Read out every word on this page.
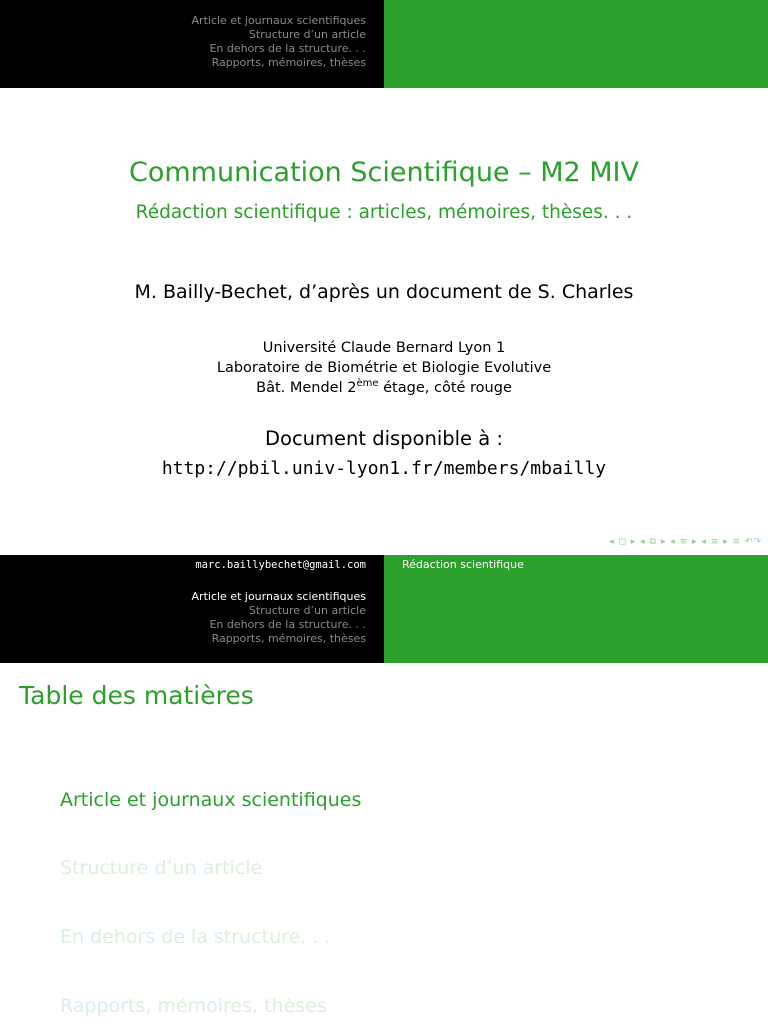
Article et journaux scientifiques
Structure d’un article
En dehors de la structure. . .
Rapports, mémoires, thèses
Communication Scientifique – M2 MIV
Rédaction scientifique : articles, mémoires, thèses. . .
M. Bailly-Bechet, d’après un document de S. Charles
Université Claude Bernard Lyon 1
Laboratoire de Biométrie et Biologie Evolutive
Bât. Mendel 2ème étage, côté rouge
Document disponible à :
http://pbil.univ-lyon1.fr/members/mbailly
◂ ◻ ▸ ◂ ⧉ ▸ ◂ ≡ ▸ ◂ ≡ ▸ ≡ ↶↷
marc.baillybechet@gmail.com
Article et journaux scientifiques
Structure d’un article
En dehors de la structure. . .
Rapports, mémoires, thèses
Rédaction scientifique
Table des matières
Article et journaux scientifiques
Structure d’un article
En dehors de la structure. . .
Rapports, mémoires, thèses
